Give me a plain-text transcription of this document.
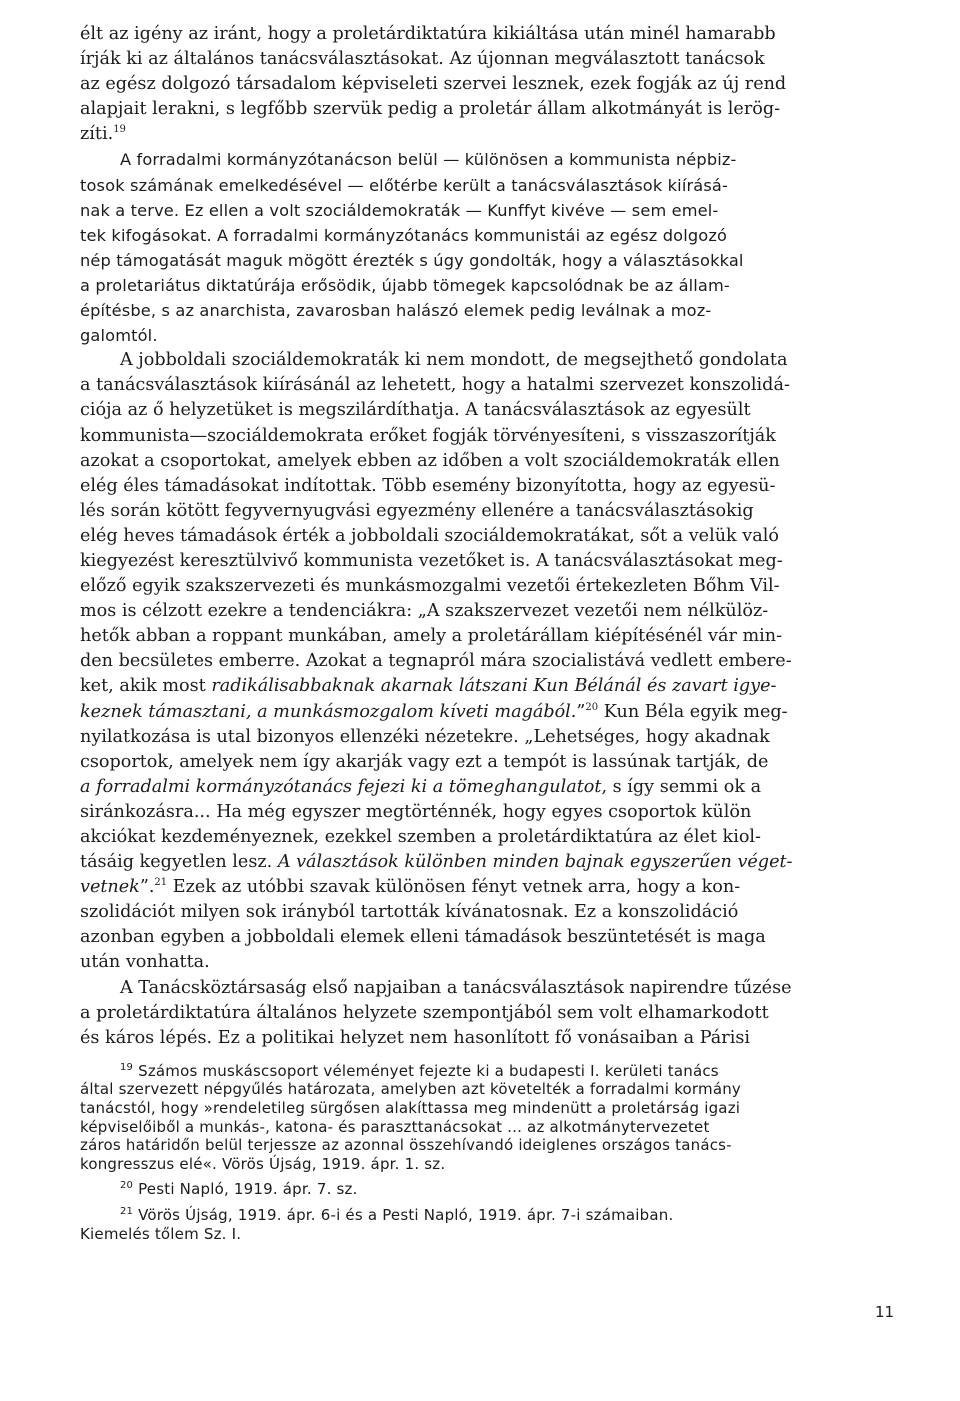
élt az igény az iránt, hogy a proletárdiktatúra kikiáltása után minél hamarabb
írják ki az általános tanácsválasztásokat. Az újonnan megválasztott tanácsok
az egész dolgozó társadalom képviseleti szervei lesznek, ezek fogják az új rend
alapjait lerakni, s legfőbb szervük pedig a proletár állam alkotmányát is lerög-
zíti.$^{19}$
A forradalmi kormányzótanácson belül — különösen a kommunista népbiz-
tosok számának emelkedésével — előtérbe került a tanácsválasztások kiírásá-
nak a terve. Ez ellen a volt szociáldemokraták — Kunffyt kivéve — sem emel-
tek kifogásokat. A forradalmi kormányzótanács kommunistái az egész dolgozó
nép támogatását maguk mögött érezték s úgy gondolták, hogy a választásokkal
a proletariátus diktatúrája erősödik, újabb tömegek kapcsolódnak be az állam-
építésbe, s az anarchista, zavarosban halászó elemek pedig leválnak a moz-
galomtól.
A jobboldali szociáldemokraták ki nem mondott, de megsejthető gondolata
a tanácsválasztások kiírásánál az lehetett, hogy a hatalmi szervezet konszolidá-
ciója az ő helyzetüket is megszilárdíthatja. A tanácsválasztások az egyesült
kommunista—szociáldemokrata erőket fogják törvényesíteni, s visszaszorítják
azokat a csoportokat, amelyek ebben az időben a volt szociáldemokraták ellen
elég éles támadásokat indítottak. Több esemény bizonyította, hogy az egyesü-
lés során kötött fegyvernyugvási egyezmény ellenére a tanácsválasztásokig
elég heves támadások érték a jobboldali szociáldemokratákat, sőt a velük való
kiegyezést keresztülvivő kommunista vezetőket is. A tanácsválasztásokat meg-
előző egyik szakszervezeti és munkásmozgalmi vezetői értekezleten Bőhm Vil-
mos is célzott ezekre a tendenciákra: „A szakszervezet vezetői nem nélkülöz-
hetők abban a roppant munkában, amely a proletárállam kiépítésénél vár min-
den becsületes emberre. Azokat a tegnapról mára szocialistává vedlett embere-
ket, akik most radikálisabbaknak akarnak látszani Kun Bélánál és zavart igye-
keznek támasztani, a munkásmozgalom kíveti magából.”$^{20}$ Kun Béla egyik meg-
nyilatkozása is utal bizonyos ellenzéki nézetekre. „Lehetséges, hogy akadnak
csoportok, amelyek nem így akarják vagy ezt a tempót is lassúnak tartják, de
a forradalmi kormányzótanács fejezi ki a tömeghangulatot, s így semmi ok a
siránkozásra... Ha még egyszer megtörténnék, hogy egyes csoportok külön
akciókat kezdeményeznek, ezekkel szemben a proletárdiktatúra az élet kiol-
tásáig kegyetlen lesz. A választások különben minden bajnak egyszerűen véget-
vetnek”.$^{21}$ Ezek az utóbbi szavak különösen fényt vetnek arra, hogy a kon-
szolidációt milyen sok irányból tartották kívánatosnak. Ez a konszolidáció
azonban egyben a jobboldali elemek elleni támadások beszüntetését is maga
után vonhatta.
A Tanácsköztársaság első napjaiban a tanácsválasztások napirendre tűzése
a proletárdiktatúra általános helyzete szempontjából sem volt elhamarkodott
és káros lépés. Ez a politikai helyzet nem hasonlított fő vonásaiban a Párisi
$^{19}$ Számos muskáscsoport véleményet fejezte ki a budapesti I. kerületi tanács
által szervezett népgyűlés határozata, amelyben azt követelték a forradalmi kormány
tanácstól, hogy »rendeletileg sürgősen alakíttassa meg mindenütt a proletárság igazi
képviselőiből a munkás-, katona- és paraszttanácsokat ... az alkotmánytervezetet
záros határidőn belül terjessze az azonnal összehívandó ideiglenes országos tanács-
kongresszus elé«. Vörös Újság, 1919. ápr. 1. sz.
$^{20}$ Pesti Napló, 1919. ápr. 7. sz.
$^{21}$ Vörös Újság, 1919. ápr. 6-i és a Pesti Napló, 1919. ápr. 7-i számaiban.
Kiemelés tőlem Sz. I.
11
